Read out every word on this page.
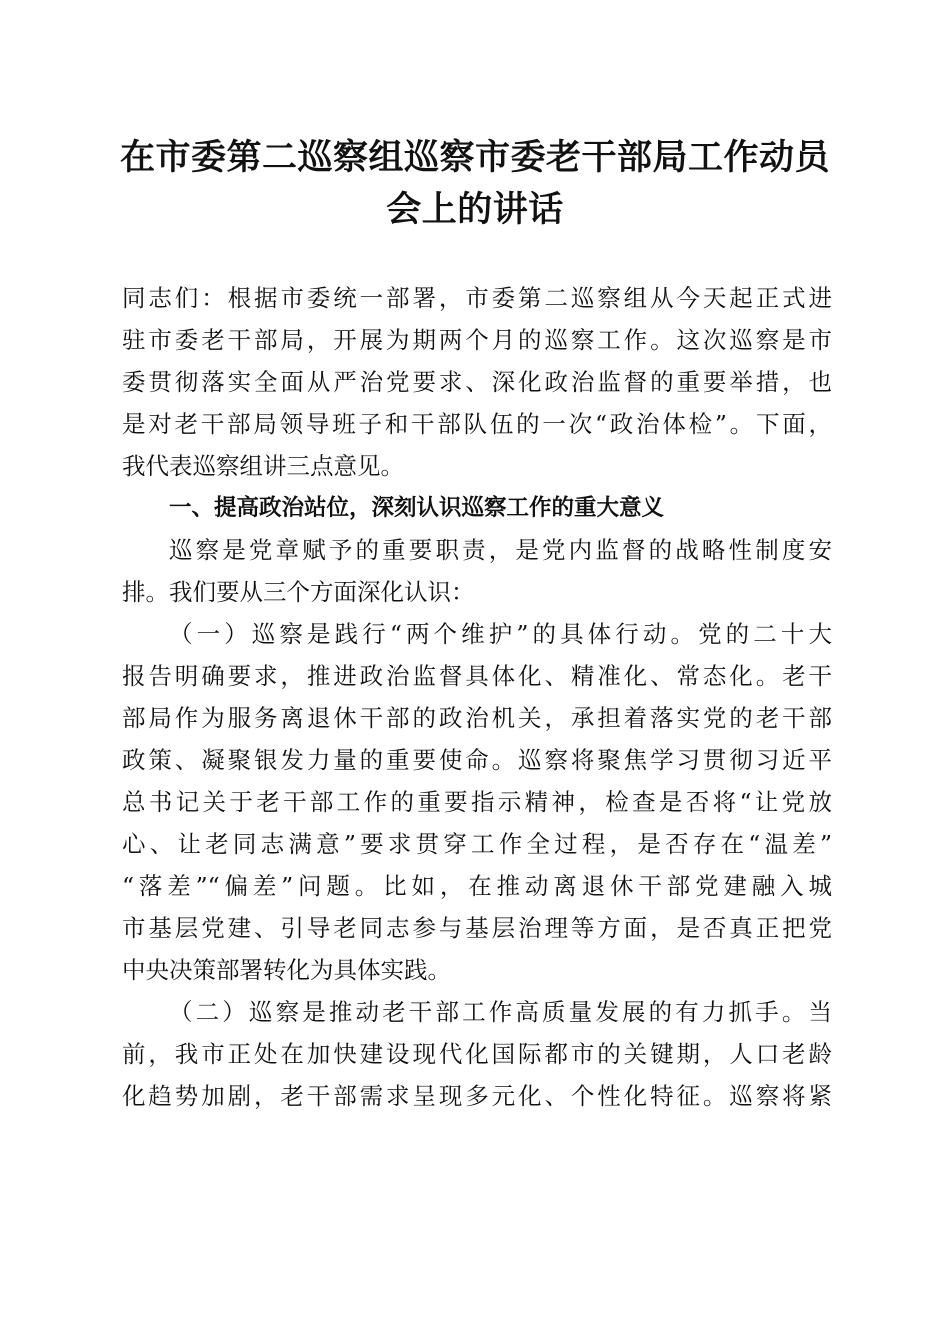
在市委第二巡察组巡察市委老干部局工作动员
会上的讲话
同志们：根据市委统一部署，市委第二巡察组从今天起正式进
驻市委老干部局，开展为期两个月的巡察工作。这次巡察是市
委贯彻落实全面从严治党要求、深化政治监督的重要举措，也
是对老干部局领导班子和干部队伍的一次“政治体检”。下面，
我代表巡察组讲三点意见。
一、提高政治站位，深刻认识巡察工作的重大意义
巡察是党章赋予的重要职责，是党内监督的战略性制度安
排。我们要从三个方面深化认识：
（一）巡察是践行“两个维护”的具体行动。党的二十大
报告明确要求，推进政治监督具体化、精准化、常态化。老干
部局作为服务离退休干部的政治机关，承担着落实党的老干部
政策、凝聚银发力量的重要使命。巡察将聚焦学习贯彻习近平
总书记关于老干部工作的重要指示精神，检查是否将“让党放
心、让老同志满意”要求贯穿工作全过程，是否存在“温差”
“落差”“偏差”问题。比如，在推动离退休干部党建融入城
市基层党建、引导老同志参与基层治理等方面，是否真正把党
中央决策部署转化为具体实践。
（二）巡察是推动老干部工作高质量发展的有力抓手。当
前，我市正处在加快建设现代化国际都市的关键期，人口老龄
化趋势加剧，老干部需求呈现多元化、个性化特征。巡察将紧
